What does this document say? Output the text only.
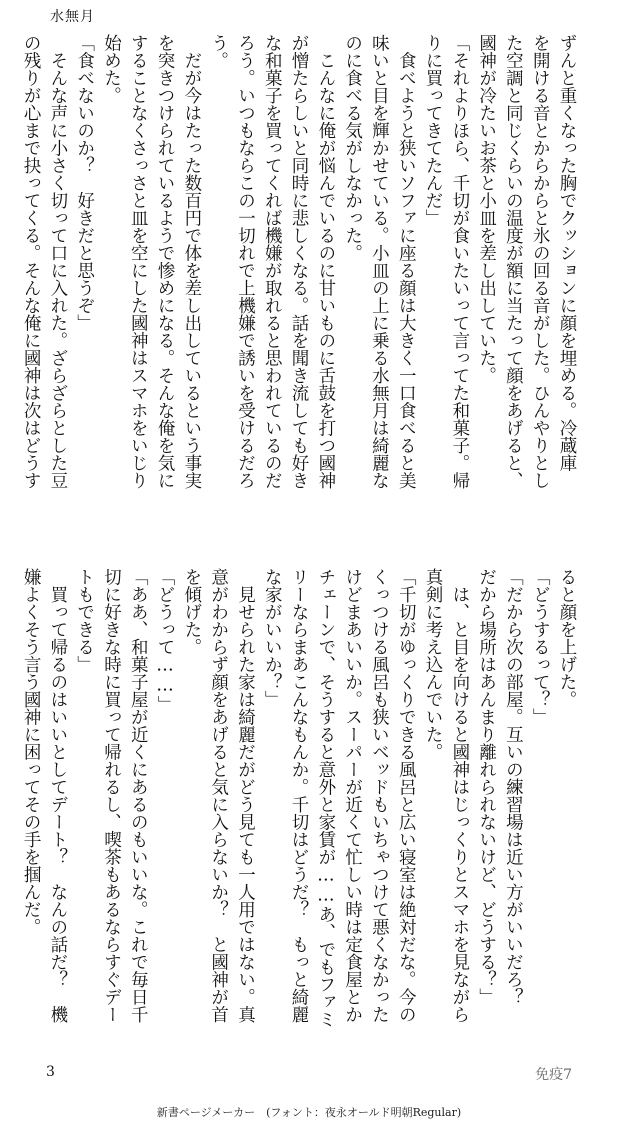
水無月

ずんと重くなった胸でクッションに顔を埋める。冷蔵庫

を開ける音とからからと氷の回る音がした。ひんやりとし

た空調と同じくらいの温度が額に当たって顔をあげると、

國神が冷たいお茶と小皿を差し出していた。

「それよりほら、千切が食いたいって言ってた和菓子。帰

りに買ってきてたんだ」

　食べようと狭いソファに座る顔は大きく一口食べると美

味いと目を輝かせている。小皿の上に乗る水無月は綺麗な

のに食べる気がしなかった。

　こんなに俺が悩んでいるのに甘いものに舌鼓を打つ國神

が憎たらしいと同時に悲しくなる。話を聞き流しても好き

な和菓子を買ってくれば機嫌が取れると思われているのだ

ろう。いつもならこの一切れで上機嫌で誘いを受けるだろ

う。

　だが今はたった数百円で体を差し出しているという事実

を突きつけられているようで惨めになる。そんな俺を気に

することなくさっさと皿を空にした國神はスマホをいじり

始めた。

「食べないのか？　好きだと思うぞ」

　そんな声に小さく切って口に入れた。ざらざらとした豆

の残りが心まで抉ってくる。そんな俺に國神は次はどうす

ると顔を上げた。

「どうするって？」

「だから次の部屋。互いの練習場は近い方がいいだろ？

だから場所はあんまり離れられないけど、どうする？」

　は、と目を向けると國神はじっくりとスマホを見ながら

真剣に考え込んでいた。

「千切がゆっくりできる風呂と広い寝室は絶対だな。今の

くっつける風呂も狭いベッドもいちゃつけて悪くなかった

けどまあいいか。スーパーが近くて忙しい時は定食屋とか

チェーンで、そうすると意外と家賃が……あ、でもファミ

リーならまあこんなもんか。千切はどうだ？　もっと綺麗

な家がいいか？」

　見せられた家は綺麗だがどう見ても一人用ではない。真

意がわからず顔をあげると気に入らないか？　と國神が首

を傾げた。

「どうって……」

「ああ、和菓子屋が近くにあるのもいいな。これで毎日千

切に好きな時に買って帰れるし、喫茶もあるならすぐデー

トもできる」

　買って帰るのはいいとしてデート？　なんの話だ？　機

嫌よくそう言う國神に困ってその手を掴んだ。

3	免疫7
新書ページメーカー　(フォント：夜永オールド明朝Regular)
